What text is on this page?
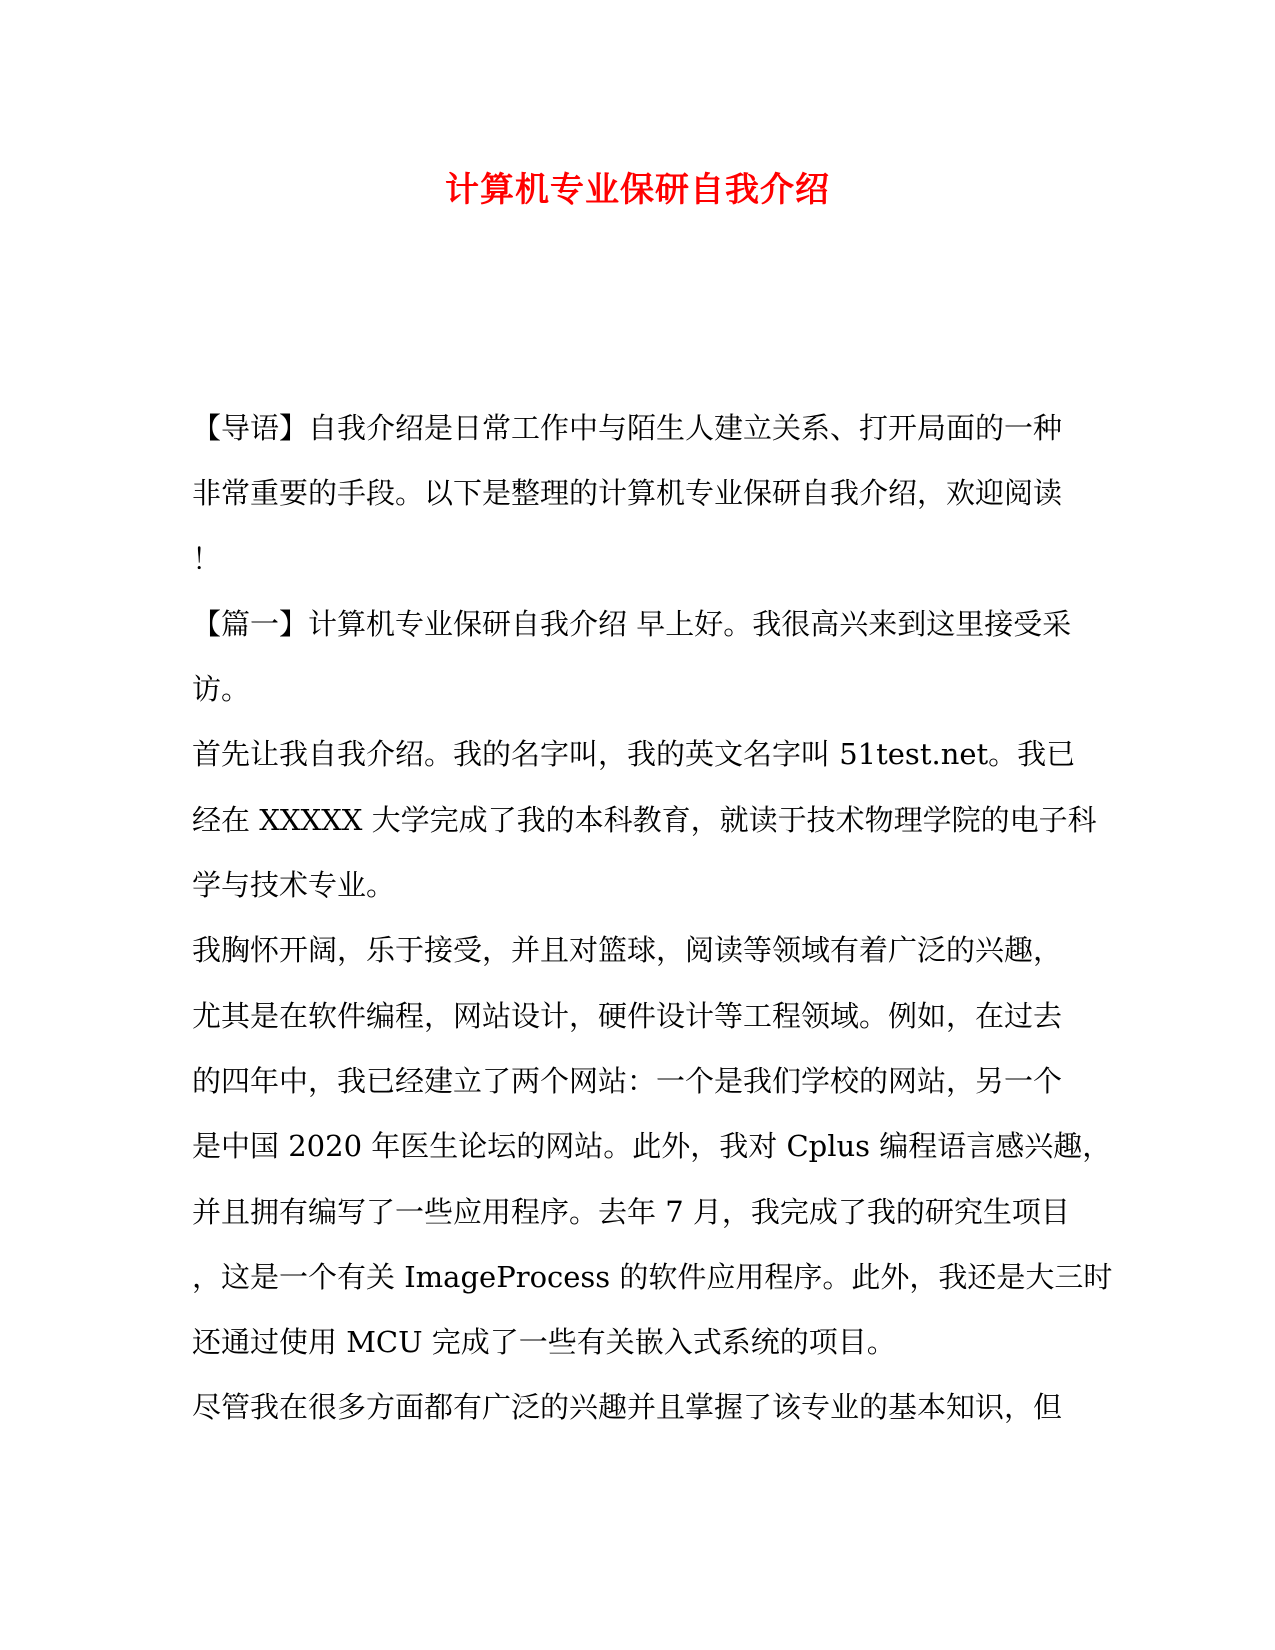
计算机专业保研自我介绍
【导语】自我介绍是日常工作中与陌生人建立关系、打开局面的一种
非常重要的手段。以下是整理的计算机专业保研自我介绍，欢迎阅读
！
【篇一】计算机专业保研自我介绍 早上好。我很高兴来到这里接受采
访。
首先让我自我介绍。我的名字叫，我的英文名字叫 51test.net。我已
经在 XXXXX 大学完成了我的本科教育，就读于技术物理学院的电子科
学与技术专业。
我胸怀开阔，乐于接受，并且对篮球，阅读等领域有着广泛的兴趣，
尤其是在软件编程，网站设计，硬件设计等工程领域。例如，在过去
的四年中，我已经建立了两个网站：一个是我们学校的网站，另一个
是中国 2020 年医生论坛的网站。此外，我对 Cplus 编程语言感兴趣，
并且拥有编写了一些应用程序。去年 7 月，我完成了我的研究生项目
，这是一个有关 ImageProcess 的软件应用程序。此外，我还是大三时
还通过使用 MCU 完成了一些有关嵌入式系统的项目。
尽管我在很多方面都有广泛的兴趣并且掌握了该专业的基本知识，但
